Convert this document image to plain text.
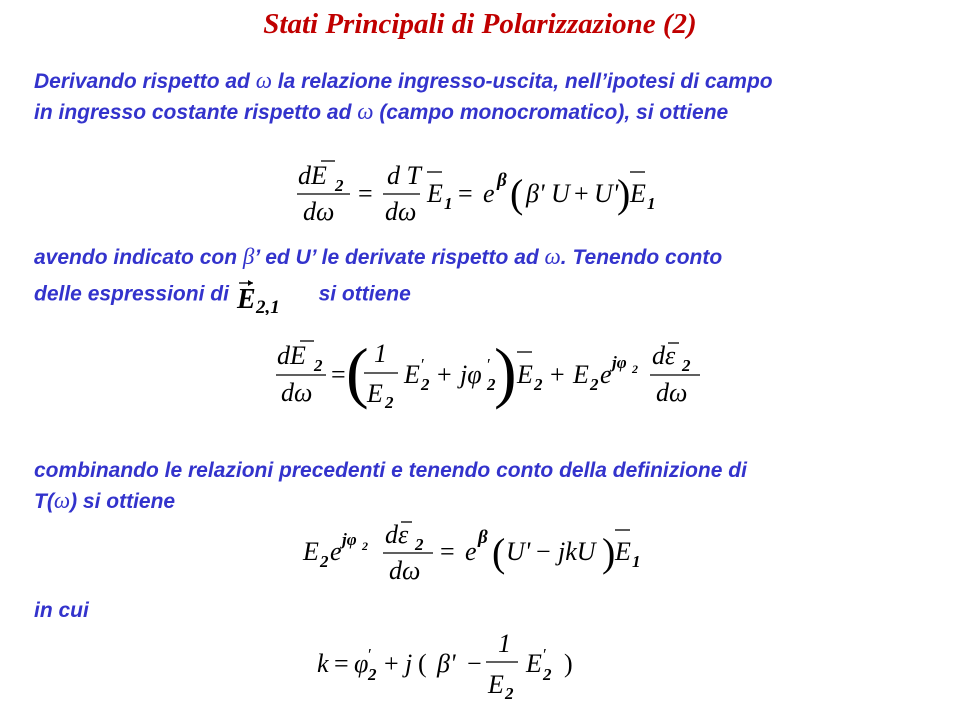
Stati Principali di Polarizzazione (2)
Derivando rispetto ad ω la relazione ingresso-uscita, nell’ipotesi di campo
in ingresso costante rispetto ad ω (campo monocromatico), si ottiene
dE 2
dω
=
d T
dω
E 1 = e β ( β' U + U'
) E 1
avendo indicato con β’ ed U’ le derivate rispetto ad ω. Tenendo conto
delle espressioni di E 2,1
si ottiene
dE 2
dω
= ( 1
E 2
E ′
2 + jφ ′
2
) E 2 + E 2 e jφ 2 dε 2
dω
combinando le relazioni precedenti e tenendo conto della definizione di
T(ω) si ottiene
E 2 e jφ 2 dε 2
dω
= e β ( U' − jkU ) E 1
in cui
k = φ ′
2 + j ( β' −
1
E 2
E ′
2 )
